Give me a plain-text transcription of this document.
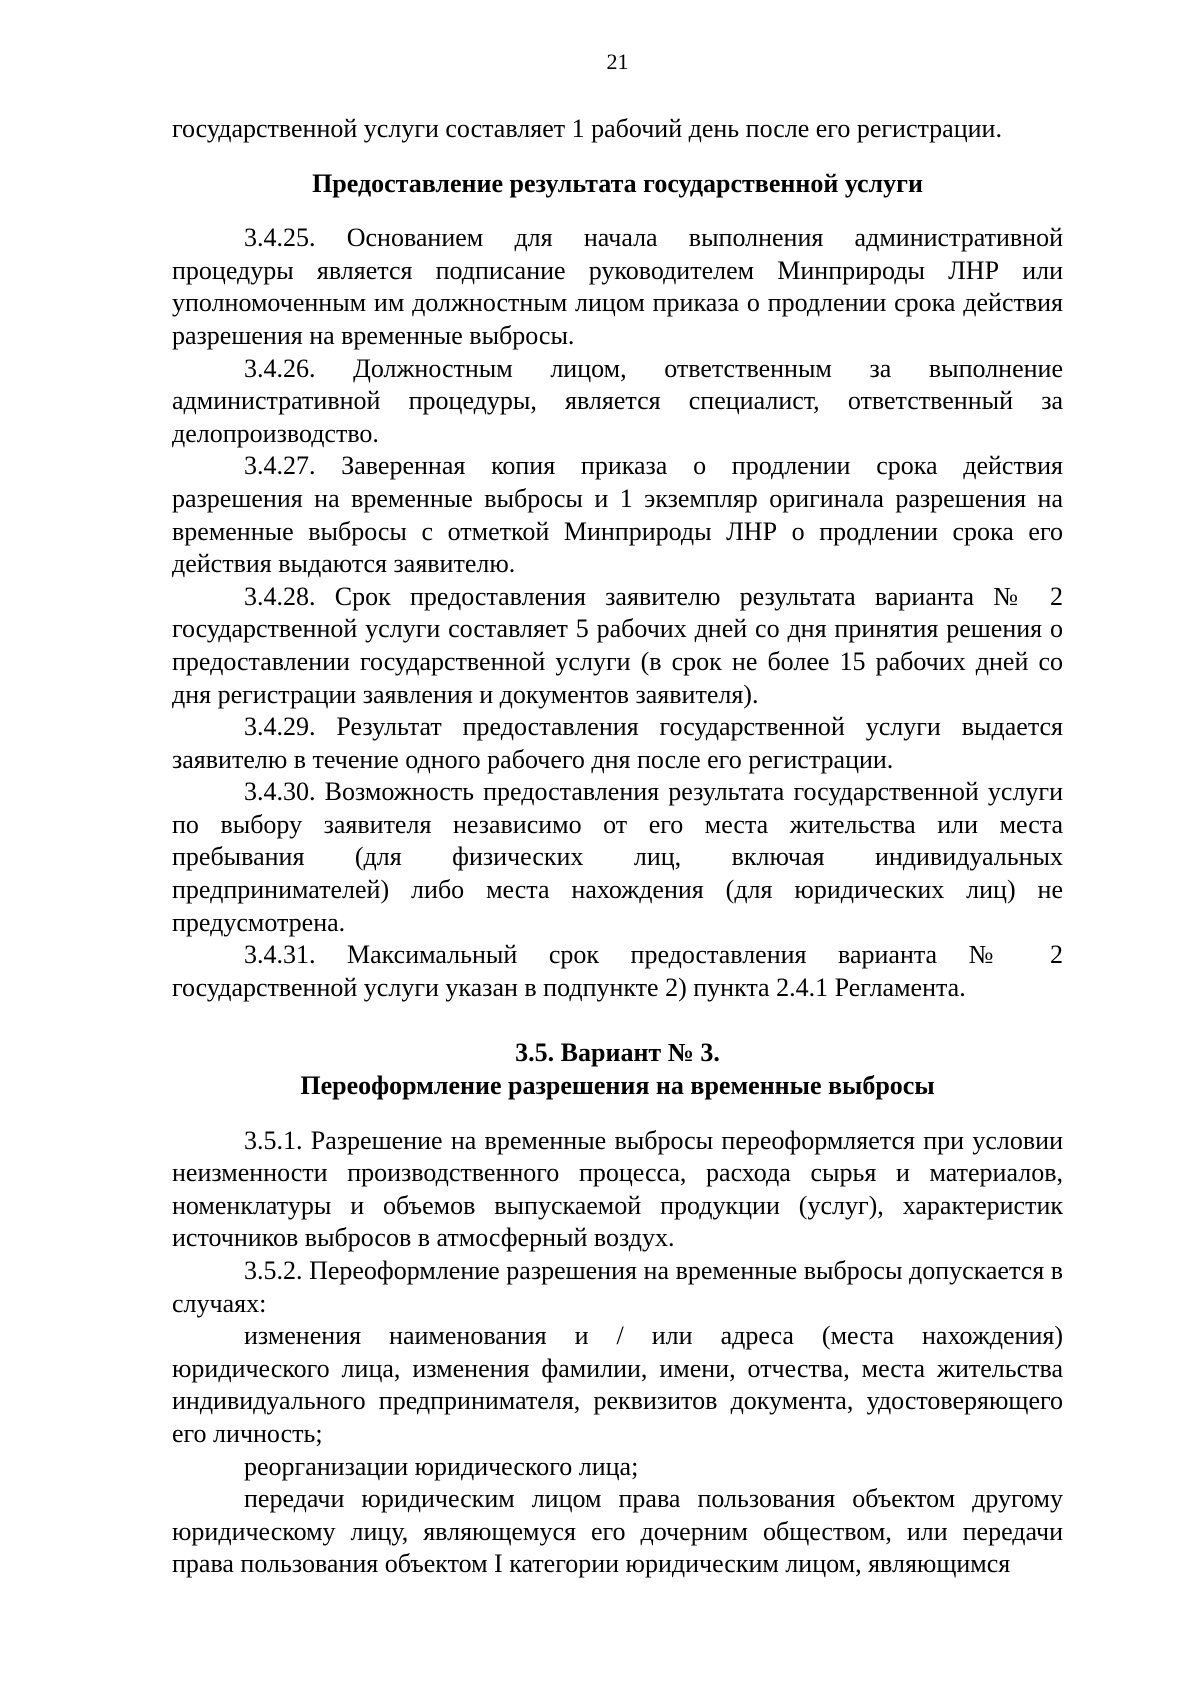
21

государственной услуги составляет 1 рабочий день после его регистрации.

Предоставление результата государственной услуги

3.4.25. Основанием для начала выполнения административной процедуры является подписание руководителем Минприроды ЛНР или уполномоченным им должностным лицом приказа о продлении срока действия разрешения на временные выбросы.

3.4.26. Должностным лицом, ответственным за выполнение административной процедуры, является специалист, ответственный за делопроизводство.

3.4.27. Заверенная копия приказа о продлении срока действия разрешения на временные выбросы и 1 экземпляр оригинала разрешения на временные выбросы с отметкой Минприроды ЛНР о продлении срока его действия выдаются заявителю.

3.4.28. Срок предоставления заявителю результата варианта № 2 государственной услуги составляет 5 рабочих дней со дня принятия решения о предоставлении государственной услуги (в срок не более 15 рабочих дней со дня регистрации заявления и документов заявителя).

3.4.29. Результат предоставления государственной услуги выдается заявителю в течение одного рабочего дня после его регистрации.

3.4.30. Возможность предоставления результата государственной услуги по выбору заявителя независимо от его места жительства или места пребывания (для физических лиц, включая индивидуальных предпринимателей) либо места нахождения (для юридических лиц) не предусмотрена.

3.4.31. Максимальный срок предоставления варианта № 2 государственной услуги указан в подпункте 2) пункта 2.4.1 Регламента.

3.5. Вариант № 3.

Переоформление разрешения на временные выбросы

3.5.1. Разрешение на временные выбросы переоформляется при условии неизменности производственного процесса, расхода сырья и материалов, номенклатуры и объемов выпускаемой продукции (услуг), характеристик источников выбросов в атмосферный воздух.

3.5.2. Переоформление разрешения на временные выбросы допускается в случаях:

изменения наименования и / или адреса (места нахождения) юридического лица, изменения фамилии, имени, отчества, места жительства индивидуального предпринимателя, реквизитов документа, удостоверяющего его личность;

реорганизации юридического лица;

передачи юридическим лицом права пользования объектом другому юридическому лицу, являющемуся его дочерним обществом, или передачи права пользования объектом I категории юридическим лицом, являющимся
